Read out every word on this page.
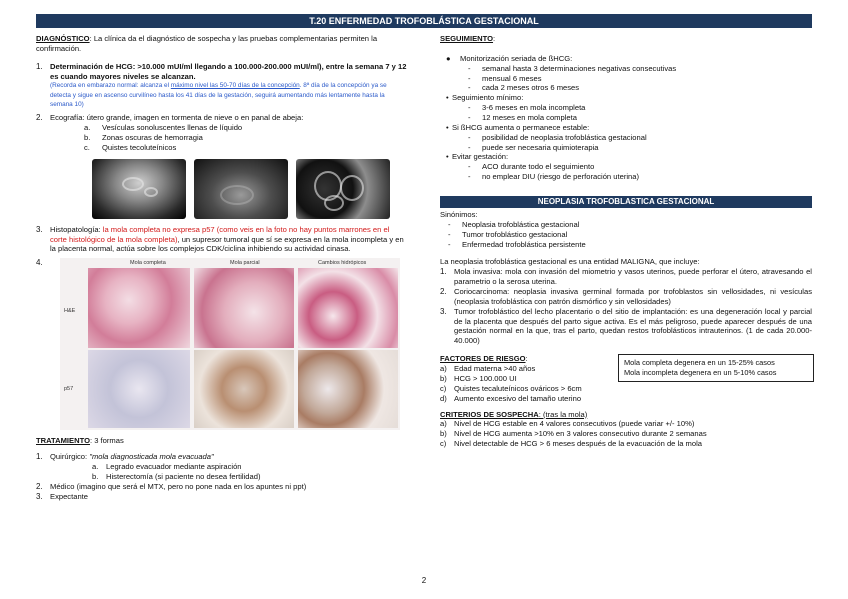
T.20 ENFERMEDAD TROFOBLÁSTICA GESTACIONAL

DIAGNÓSTICO: La clínica da el diagnóstico de sospecha y las pruebas complementarias permiten la confirmación.

1. Determinación de HCG: >10.000 mUI/ml llegando a 100.000-200.000 mUI/ml), entre la semana 7 y 12 es cuando mayores niveles se alcanzan.

(Recorda en embarazo normal: alcanza el máximo nivel las 50-70 días de la concepción. 8ª día de la concepción ya se detecta y sigue en ascenso curvilíneo hasta los 41 días de la gestación, seguirá aumentando más lentamente hasta la semana 10)

2. Ecografía: útero grande, imagen en tormenta de nieve o en panal de abeja:

a. Vesículas sonoluscentes llenas de líquido

b. Zonas oscuras de hemorragia

c. Quistes tecoluteínicos

3. Histopatología: la mola completa no expresa p57 (como veis en la foto no hay puntos marrones en el corte histológico de la mola completa), un supresor tumoral que sí se expresa en la mola incompleta y en la placenta normal, actúa sobre los complejos CDK/ciclina inhibiendo su actividad cinasa.

4.	Mola completa	Mola parcial	Cambios hidrópicos
H&E
p57

TRATAMIENTO: 3 formas

1. Quirúrgico: "mola diagnosticada mola evacuada"

a. Legrado evacuador mediante aspiración

b. Histerectomía (si paciente no desea fertilidad)

2. Médico (imagino que será el MTX, pero no pone nada en los apuntes ni ppt)

3. Expectante

SEGUIMIENTO:

● Monitorización seriada de ßHCG:

- semanal hasta 3 determinaciones negativas consecutivas
- mensual 6 meses
- cada 2 meses otros 6 meses

• Seguimiento mínimo:

- 3-6 meses en mola incompleta
- 12 meses en mola completa

• Si ßHCG aumenta o permanece estable:

- posibilidad de neoplasia trofoblástica gestacional
- puede ser necesaria quimioterapia

• Evitar gestación:

- ACO durante todo el seguimiento
- no emplear DIU (riesgo de perforación uterina)
NEOPLASIA TROFOBLASTICA GESTACIONAL

Sinónimos:

- Neoplasia trofoblástica gestacional
- Tumor trofoblástico gestacional
- Enfermedad trofoblástica persistente

La neoplasia trofoblástica gestacional es una entidad MALIGNA, que incluye:

1. Mola invasiva: mola con invasión del miometrio y vasos uterinos, puede perforar el útero, atravesando el parametrio o la serosa uterina.

2. Coriocarcinoma: neoplasia invasiva germinal formada por trofoblastos sin vellosidades, ni vesículas (neoplasia trofoblástica con patrón dismórfico y sin vellosidades)

3. Tumor trofoblástico del lecho placentario o del sitio de implantación: es una degeneración local y parcial de la placenta que después del parto sigue activa. Es el más peligroso, puede aparecer después de una gestación normal en la que, tras el parto, quedan restos trofoblásticos intrauterinos. (1 de cada 20.000-40.000)

FACTORES DE RIESGO:

a) Edad materna >40 años

b) HCG > 100.000 UI

c) Quistes tecaluteínicos ováricos > 6cm

d) Aumento excesivo del tamaño uterino

Mola completa degenera en un 15-25% casos
Mola incompleta degenera en un 5-10% casos

CRITERIOS DE SOSPECHA: (tras la mola)

a) Nivel de HCG estable en 4 valores consecutivos (puede variar +/- 10%)

b) Nivel de HCG aumenta >10% en 3 valores consecutivo durante 2 semanas

c) Nivel detectable de HCG > 6 meses después de la evacuación de la mola

2
